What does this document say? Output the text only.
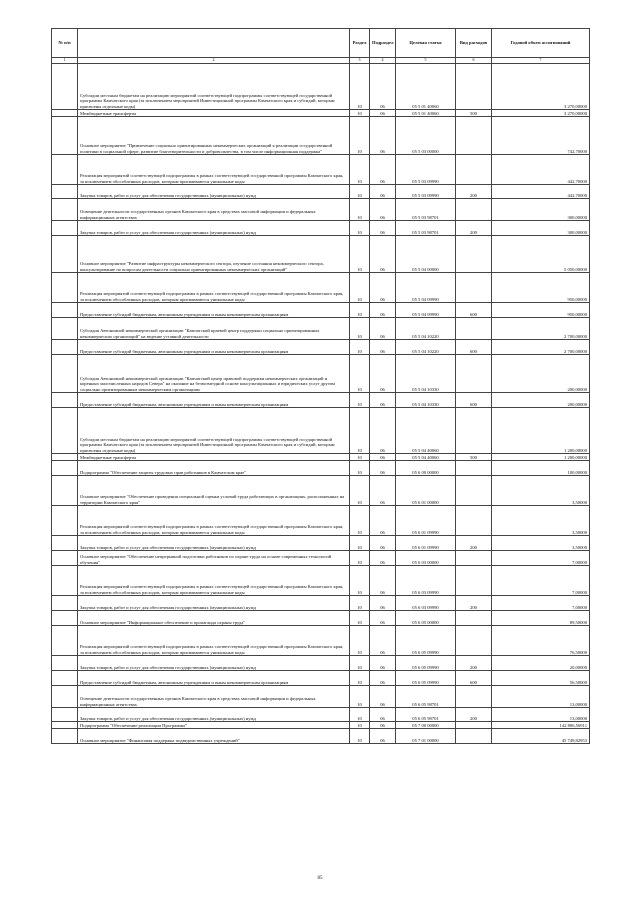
№ п/п		Раздел	Подраздел	Целевая статья	Вид расходов	Годовой объем ассигнований
1	2	3	4	5	6	7
	Субсидии местным бюджетам на реализацию мероприятий соответствующей подпрограммы соответствующей государственной программы Камчатского края (за исключением мероприятий Инвестиционной программы Камчатского края и субсидий, которым присвоены отдельные коды)	10	06	05 5 01 40060		3 270,00000
	Межбюджетные трансферты	10	06	05 5 01 40060	500	3 270,00000
	Основное мероприятие "Привлечение социально ориентированных некоммерческих организаций к реализации государственной политики в социальной сфере, развитие благотворительности и добровольчества, в том числе информационная поддержка"	10	06	05 5 03 00000		742,70000
	Реализация мероприятий соответствующей подпрограммы в рамках соответствующей государственной программы Камчатского края, за исключением обособленных расходов, которым присваиваются уникальные коды	10	06	05 5 03 09990		442,70000
	Закупка товаров, работ и услуг для обеспечения государственных (муниципальных) нужд	10	06	05 5 03 09990	200	442,70000
	Освещение деятельности государственных органов Камчатского края в средствах массовой информации и федеральных информационных агентствах	10	06	05 5 03 98701		300,00000
	Закупка товаров, работ и услуг для обеспечения государственных (муниципальных) нужд	10	06	05 5 03 98701	200	300,00000
	Основное мероприятие "Развитие инфраструктуры некоммерческого сектора, изучение состояния некоммерческого сектора, консультирование по вопросам деятельности социально ориентированных некоммерческих организаций"	10	06	05 5 04 00000		5 050,00000
	Реализация мероприятий соответствующей подпрограммы в рамках соответствующей государственной программы Камчатского края, за исключением обособленных расходов, которым присваиваются уникальные коды	10	06	05 5 04 09990		950,00000
	Предоставление субсидий бюджетным, автономным учреждениям и иным некоммерческим организациям	10	06	05 5 04 09990	600	950,00000
	Субсидия Автономной некоммерческой организации "Камчатский краевой центр поддержки социально ориентированных некоммерческих организаций" на ведение уставной деятельности	10	06	05 5 04 10220		2 700,00000
	Предоставление субсидий бюджетным, автономным учреждениям и иным некоммерческим организациям	10	06	05 5 04 10220	600	2 700,00000
	Субсидия Автономной некоммерческой организации "Камчатский центр правовой поддержки некоммерческих организаций и коренных малочисленных народов Севера" на оказание на безвозмездной основе консультационных и юридических услуг другим социально ориентированным некоммерческим организациям	10	06	05 5 04 10330		200,00000
	Предоставление субсидий бюджетным, автономным учреждениям и иным некоммерческим организациям	10	06	05 5 04 10330	600	200,00000
	Субсидии местным бюджетам на реализацию мероприятий соответствующей подпрограммы соответствующей государственной программы Камчатского края (за исключением мероприятий Инвестиционной программы Камчатского края и субсидий, которым присвоены отдельные коды)	10	06	05 5 04 40060		1 200,00000
	Межбюджетные трансферты	10	06	05 5 04 40060	500	1 200,00000
	Подпрограмма "Обеспечение защиты трудовых прав работников в Камчатском крае"	10	06	05 6 00 00000		100,00000
	Основное мероприятие "Обеспечение проведения специальной оценки условий труда работающих в организациях, расположенных на территории Камчатского края"	10	06	05 6 01 00000		3,50000
	Реализация мероприятий соответствующей подпрограммы в рамках соответствующей государственной программы Камчатского края, за исключением обособленных расходов, которым присваиваются уникальные коды	10	06	05 6 01 09990		3,50000
	Закупка товаров, работ и услуг для обеспечения государственных (муниципальных) нужд	10	06	05 6 01 09990	200	3,50000
	Основное мероприятие "Обеспечение непрерывной подготовки работников по охране труда на основе современных технологий обучения"	10	06	05 6 03 00000		7,00000
	Реализация мероприятий соответствующей подпрограммы в рамках соответствующей государственной программы Камчатского края, за исключением обособленных расходов, которым присваиваются уникальные коды	10	06	05 6 03 09990		7,00000
	Закупка товаров, работ и услуг для обеспечения государственных (муниципальных) нужд	10	06	05 6 03 09990	200	7,00000
	Основное мероприятие "Информационное обеспечение и пропаганда охраны труда"	10	06	05 6 05 00000		89,50000
	Реализация мероприятий соответствующей подпрограммы в рамках соответствующей государственной программы Камчатского края, за исключением обособленных расходов, которым присваиваются уникальные коды	10	06	05 6 05 09990		76,50000
	Закупка товаров, работ и услуг для обеспечения государственных (муниципальных) нужд	10	06	05 6 05 09990	200	20,00000
	Предоставление субсидий бюджетным, автономным учреждениям и иным некоммерческим организациям	10	06	05 6 05 09990	600	56,50000
	Освещение деятельности государственных органов Камчатского края в средствах массовой информации и федеральных информационных агентствах	10	06	05 6 05 98701		13,00000
	Закупка товаров, работ и услуг для обеспечения государственных (муниципальных) нужд	10	06	05 6 05 98701	200	13,00000
	Подпрограмма "Обеспечение реализации Программы"	10	06	05 7 00 00000		142 806,56911
	Основное мероприятие "Финансовая поддержка подведомственных учреждений"	10	06	05 7 01 00000		45 749,82953
85
